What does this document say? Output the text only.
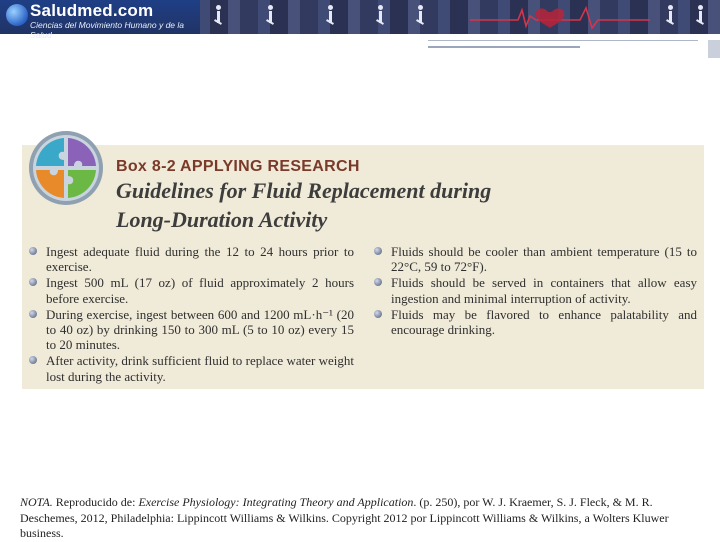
Saludmed.com
Ciencias del Movimiento Humano y de la Salud
Box 8-2 APPLYING RESEARCH
Guidelines for Fluid Replacement during
Long-Duration Activity
Ingest adequate fluid during the 12 to 24 hours prior to exercise.
Ingest 500 mL (17 oz) of fluid approximately 2 hours before exercise.
During exercise, ingest between 600 and 1200 mL·h⁻¹ (20 to 40 oz) by drinking 150 to 300 mL (5 to 10 oz) every 15 to 20 minutes.
After activity, drink sufficient fluid to replace water weight lost during the activity.
Fluids should be cooler than ambient temperature (15 to 22°C, 59 to 72°F).
Fluids should be served in containers that allow easy ingestion and minimal interruption of activity.
Fluids may be flavored to enhance palatability and encourage drinking.
NOTA. Reproducido de: Exercise Physiology: Integrating Theory and Application. (p. 250), por W. J. Kraemer, S. J. Fleck, & M. R. Deschemes, 2012, Philadelphia: Lippincott Williams & Wilkins. Copyright 2012 por Lippincott Williams & Wilkins, a Wolters Kluwer business.
